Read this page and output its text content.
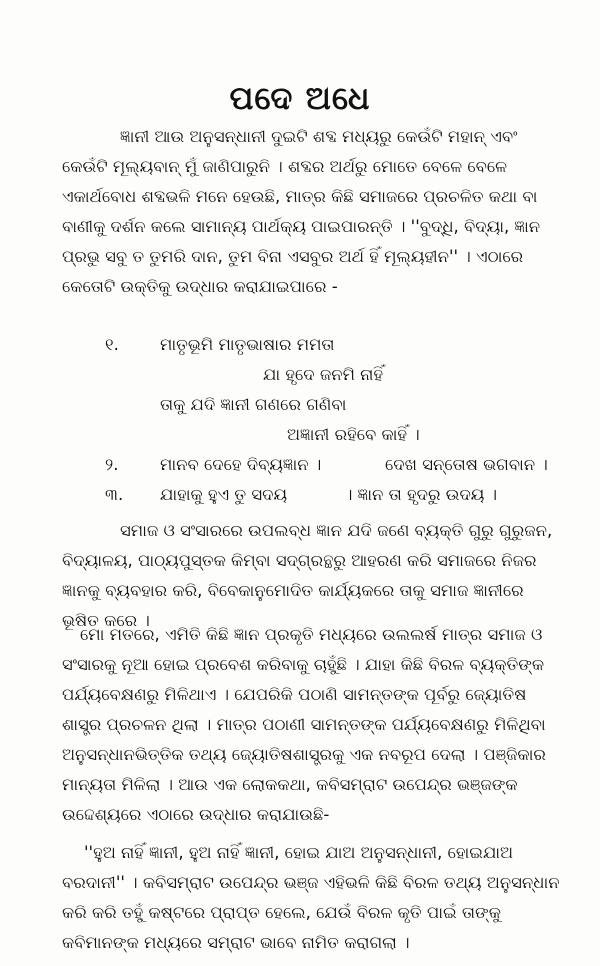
ପଦେ ଅଧେ

ଜ୍ଞାନୀ ଆଉ ଅନୁସନ୍ଧାନୀ ଦୁଇଟି ଶବ୍ଦ ମଧ୍ୟରୁ କେଉଁଟି ମହାନ୍ ଏବଂ କେଉଁଟି ମୂଲ୍ୟବାନ୍ ମୁଁ ଜାଣିପାରୁନି । ଶବ୍ଦର ଅର୍ଥରୁ ମୋତେ ବେଳେ ବେଳେ ଏକାର୍ଥବୋଧ ଶବ୍ଦଭଳି ମନେ ହେଉଛି, ମାତ୍ର କିଛି ସମାଜରେ ପ୍ରଚଳିତ କଥା ବା ବାଣୀକୁ ଦର୍ଶନ କଲେ ସାମାନ୍ୟ ପାର୍ଥକ୍ୟ ପାଇପାରନ୍ତି । ''ବୁଦ୍ଧି, ବିଦ୍ୟା, ଜ୍ଞାନ ପ୍ରଭୁ ସବୁ ତ ତୁମରି ଦାନ, ତୁମ ବିନା ଏସବୁର ଅର୍ଥ ହିଁ ମୂଲ୍ୟହୀନ'' । ଏଠାରେ କେତୋଟି ଉକ୍ତିକୁ ଉଦ୍ଧାର କରାଯାଇପାରେ -

୧. ମାତୃଭୂମି ମାତୃଭାଷାର ମମତା
ଯା ହୃଦେ ଜନମି ନାହିଁ
ତାକୁ ଯଦି ଜ୍ଞାନୀ ଗଣରେ ଗଣିବା
ଅଜ୍ଞାନୀ ରହିବେ କାହିଁ ।
୨.	ମାନବ ଦେହେ ଦିବ୍ୟଜ୍ଞାନ ।	ଦେଖ ସନ୍ତୋଷ ଭଗବାନ ।
୩. ଯାହାକୁ ହୁଏ ତୁ ସଦୟ	। ଜ୍ଞାନ ତା ହୃଦରୁ ଉଦୟ ।

ସମାଜ ଓ ସଂସାରରେ ଉପଲବ୍ଧ ଜ୍ଞାନ ଯଦି ଜଣେ ବ୍ୟକ୍ତି ଗୁରୁ ଗୁରୁଜନ, ବିଦ୍ୟାଳୟ, ପାଠ୍ୟପୁସ୍ତକ କିମ୍ବା ସଦ୍‌ଗ୍ରନ୍ଥରୁ ଆହରଣ କରି ସମାଜରେ ନିଜର ଜ୍ଞାନକୁ ବ୍ୟବହାର କରି, ବିବେକାନୁମୋଦିତ କାର୍ଯ୍ୟକରେ ତାକୁ ସମାଜ ଜ୍ଞାନୀରେ ଭୂଷିତ କରେ ।

ମୋ ମତରେ, ଏମିତି କିଛି ଜ୍ଞାନ ପ୍ରକୃତି ମଧ୍ୟରେ ଉଲଲର୍ଷ ମାତ୍ର ସମାଜ ଓ ସଂସାରକୁ ନୂଆ ହୋଇ ପ୍ରବେଶ କରିବାକୁ ଚାହୁଁଛି । ଯାହା କିଛି ବିରଳ ବ୍ୟକ୍ତିଙ୍କ ପର୍ଯ୍ୟବେକ୍ଷଣରୁ ମିଳିଥାଏ । ଯେପରିକି ପଠାଣି ସାମନ୍ତଙ୍କ ପୂର୍ବରୁ ଜ୍ୟୋତିଷ ଶାସ୍ତ୍ର ପ୍ରଚଳନ ଥିଲା । ମାତ୍ର ପଠାଣୀ ସାମନ୍ତଙ୍କ ପର୍ଯ୍ୟବେକ୍ଷଣରୁ ମିଳିଥିବା ଅନୁସନ୍ଧାନଭିତ୍ତିକ ତଥ୍ୟ ଜ୍ୟୋତିଷଶାସ୍ତ୍ରକୁ ଏକ ନବରୂପ ଦେଲା । ପଞ୍ଜିକାର ମାନ୍ୟତା ମିଳିଲା । ଆଉ ଏକ ଲୋକକଥା, କବିସମ୍ରାଟ ଉପେନ୍ଦ୍ର ଭଞ୍ଜଙ୍କ ଉଦ୍ଦେଶ୍ୟରେ ଏଠାରେ ଉଦ୍ଧାର କରାଯାଉଛି-

''ହୁଅ ନାହିଁ ଜ୍ଞାନୀ, ହୁଅ ନାହିଁ ଜ୍ଞାନୀ, ହୋଇ ଯାଅ ଅନୁସନ୍ଧାନୀ, ହୋଇଯାଅ ବରଦାନୀ'' । କବିସମ୍ରାଟ ଉପେନ୍ଦ୍ର ଭଞ୍ଜ ଏହିଭଳି କିଛି ବିରଳ ତଥ୍ୟ ଅନୁସନ୍ଧାନ କରି କରି ତହୁଁ କଷ୍ଟରେ ପ୍ରାପ୍ତ ହେଲେ, ଯେଉଁ ବିରଳ କୃତି ପାଇଁ ତାଙ୍କୁ କବିମାନଙ୍କ ମଧ୍ୟରେ ସମ୍ରାଟ ଭାବେ ନାମିତ କରାଗଲା ।
